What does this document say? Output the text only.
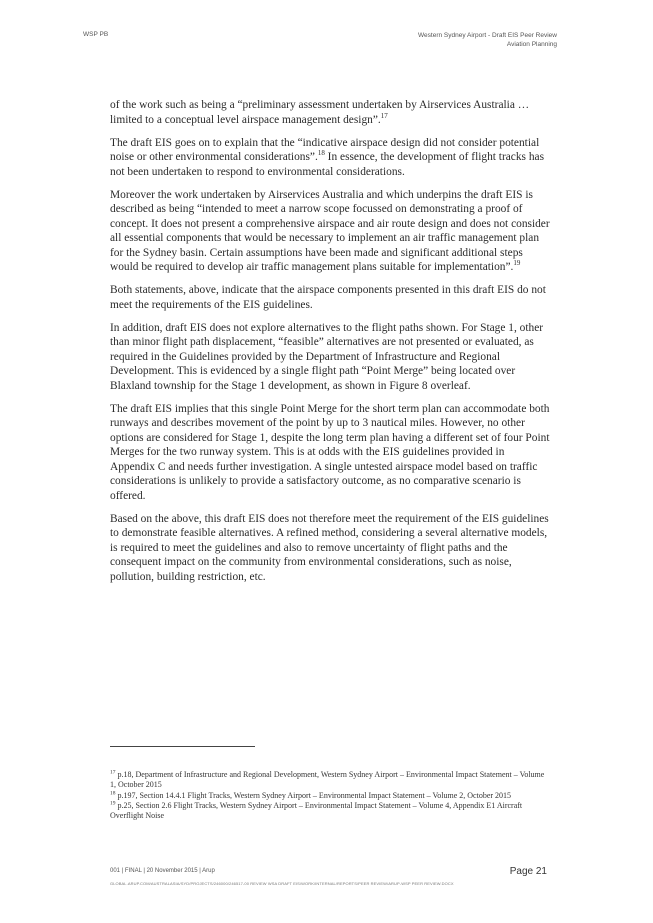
WSP PB	Western Sydney Airport - Draft EIS Peer Review
Aviation Planning

of the work such as being a “preliminary assessment undertaken by Airservices Australia … limited to a conceptual level airspace management design”.$^{17}$

The draft EIS goes on to explain that the “indicative airspace design did not consider potential noise or other environmental considerations”.$^{18}$ In essence, the development of flight tracks has not been undertaken to respond to environmental considerations.

Moreover the work undertaken by Airservices Australia and which underpins the draft EIS is described as being “intended to meet a narrow scope focussed on demonstrating a proof of concept. It does not present a comprehensive airspace and air route design and does not consider all essential components that would be necessary to implement an air traffic management plan for the Sydney basin. Certain assumptions have been made and significant additional steps would be required to develop air traffic management plans suitable for implementation”.$^{19}$

Both statements, above, indicate that the airspace components presented in this draft EIS do not meet the requirements of the EIS guidelines.

In addition, draft EIS does not explore alternatives to the flight paths shown. For Stage 1, other than minor flight path displacement, “feasible” alternatives are not presented or evaluated, as required in the Guidelines provided by the Department of Infrastructure and Regional Development. This is evidenced by a single flight path “Point Merge” being located over Blaxland township for the Stage 1 development, as shown in Figure 8 overleaf.

The draft EIS implies that this single Point Merge for the short term plan can accommodate both runways and describes movement of the point by up to 3 nautical miles. However, no other options are considered for Stage 1, despite the long term plan having a different set of four Point Merges for the two runway system. This is at odds with the EIS guidelines provided in Appendix C and needs further investigation. A single untested airspace model based on traffic considerations is unlikely to provide a satisfactory outcome, as no comparative scenario is offered.

Based on the above, this draft EIS does not therefore meet the requirement of the EIS guidelines to demonstrate feasible alternatives. A refined method, considering a several alternative models, is required to meet the guidelines and also to remove uncertainty of flight paths and the consequent impact on the community from environmental considerations, such as noise, pollution, building restriction, etc.

$^{17}$ p.18, Department of Infrastructure and Regional Development, Western Sydney Airport – Environmental Impact Statement – Volume 1, October 2015

$^{18}$ p.197, Section 14.4.1 Flight Tracks, Western Sydney Airport – Environmental Impact Statement – Volume 2, October 2015

$^{19}$ p.25, Section 2.6 Flight Tracks, Western Sydney Airport – Environmental Impact Statement – Volume 4, Appendix E1 Aircraft Overflight Noise

001 | FINAL | 20 November 2015 | Arup
GLOBAL.ARUP.COM/AUSTRALASIA/SYD/PROJECTS/246000/246517-00 REVIEW WSA DRAFT EIS/WORK/INTERNAL/REPORTS/PEER REVIEW/ARUP-WSP PEER REVIEW.DOCX
Page 21
